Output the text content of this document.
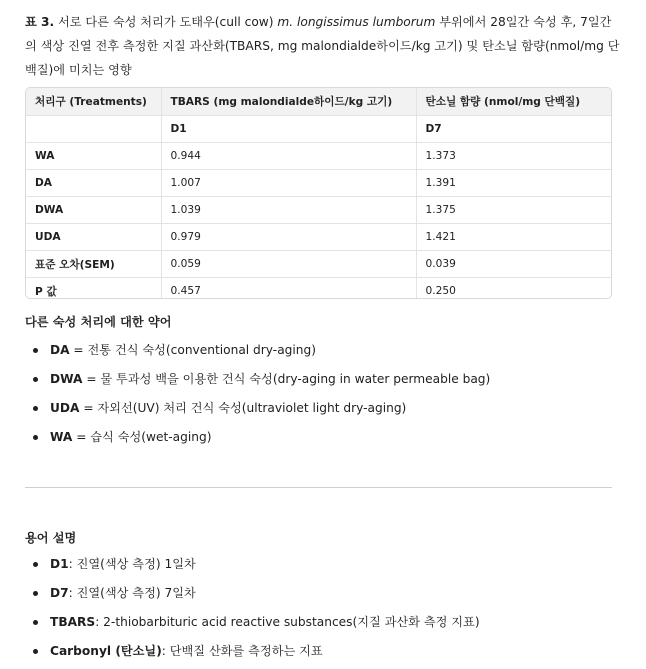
표 3. 서로 다른 숙성 처리가 도태우(cull cow) m. longissimus lumborum 부위에서 28일간 숙성 후, 7일간의 색상 진열 전후 측정한 지질 과산화(TBARS, mg malondialde하이드/kg 고기) 및 탄소닐 함량(nmol/mg 단백질)에 미치는 영향
처리구 (Treatments)	TBARS (mg malondialde하이드/kg 고기)	탄소닐 함량 (nmol/mg 단백질)
	D1	D7
WA	0.944	1.373
DA	1.007	1.391
DWA	1.039	1.375
UDA	0.979	1.421
표준 오차(SEM)	0.059	0.039
P 값	0.457	0.250
다른 숙성 처리에 대한 약어
DA = 전통 건식 숙성(conventional dry-aging)
DWA = 물 투과성 백을 이용한 건식 숙성(dry-aging in water permeable bag)
UDA = 자외선(UV) 처리 건식 숙성(ultraviolet light dry-aging)
WA = 습식 숙성(wet-aging)
용어 설명
D1: 진열(색상 측정) 1일차
D7: 진열(색상 측정) 7일차
TBARS: 2-thiobarbituric acid reactive substances(지질 과산화 측정 지표)
Carbonyl (탄소닐): 단백질 산화를 측정하는 지표
